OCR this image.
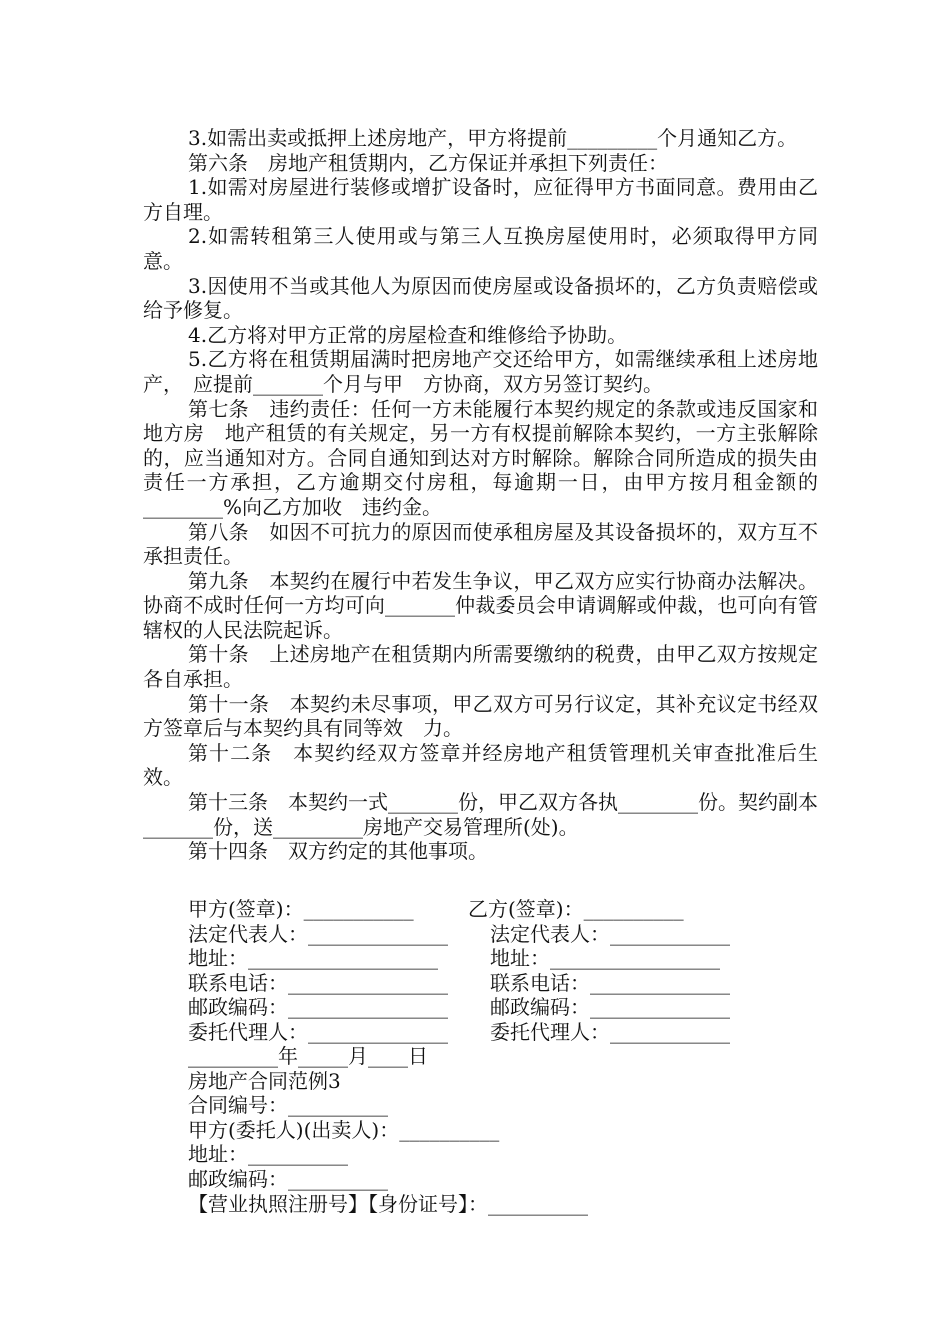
3.如需出卖或抵押上述房地产，甲方将提前_________个月通知乙方。

第六条　房地产租赁期内，乙方保证并承担下列责任：

1.如需对房屋进行装修或增扩设备时，应征得甲方书面同意。费用由乙方自理。

2.如需转租第三人使用或与第三人互换房屋使用时，必须取得甲方同意。

3.因使用不当或其他人为原因而使房屋或设备损坏的，乙方负责赔偿或给予修复。

4.乙方将对甲方正常的房屋检查和维修给予协助。

5.乙方将在租赁期届满时把房地产交还给甲方，如需继续承租上述房地产，　应提前_______个月与甲　方协商，双方另签订契约。

第七条　违约责任：任何一方未能履行本契约规定的条款或违反国家和地方房　地产租赁的有关规定，另一方有权提前解除本契约，一方主张解除的，应当通知对方。合同自通知到达对方时解除。解除合同所造成的损失由责任一方承担，乙方逾期交付房租，每逾期一日，由甲方按月租金额的________%向乙方加收　违约金。

第八条　如因不可抗力的原因而使承租房屋及其设备损坏的，双方互不承担责任。

第九条　本契约在履行中若发生争议，甲乙双方应实行协商办法解决。协商不成时任何一方均可向_______仲裁委员会申请调解或仲裁，也可向有管辖权的人民法院起诉。

第十条　上述房地产在租赁期内所需要缴纳的税费，由甲乙双方按规定各自承担。

第十一条　本契约未尽事项，甲乙双方可另行议定，其补充议定书经双方签章后与本契约具有同等效　力。

第十二条　本契约经双方签章并经房地产租赁管理机关审查批准后生效。

第十三条　本契约一式_______份，甲乙双方各执________份。契约副本　_______份，送_________房地产交易管理所(处)。

第十四条　双方约定的其他事项。

甲方(签章)：___________

	乙方(签章)：__________

法定代表人：______________

法定代表人：____________

地址：___________________

	地址：_________________

联系电话：________________

联系电话：______________

邮政编码：________________

邮政编码：______________

委托代理人：______________

委托代理人：____________

_________年_____月____日
房地产合同范例3
合同编号：__________
甲方(委托人)(出卖人)：__________
地址：__________
邮政编码：__________
【营业执照注册号】【身份证号】：__________
